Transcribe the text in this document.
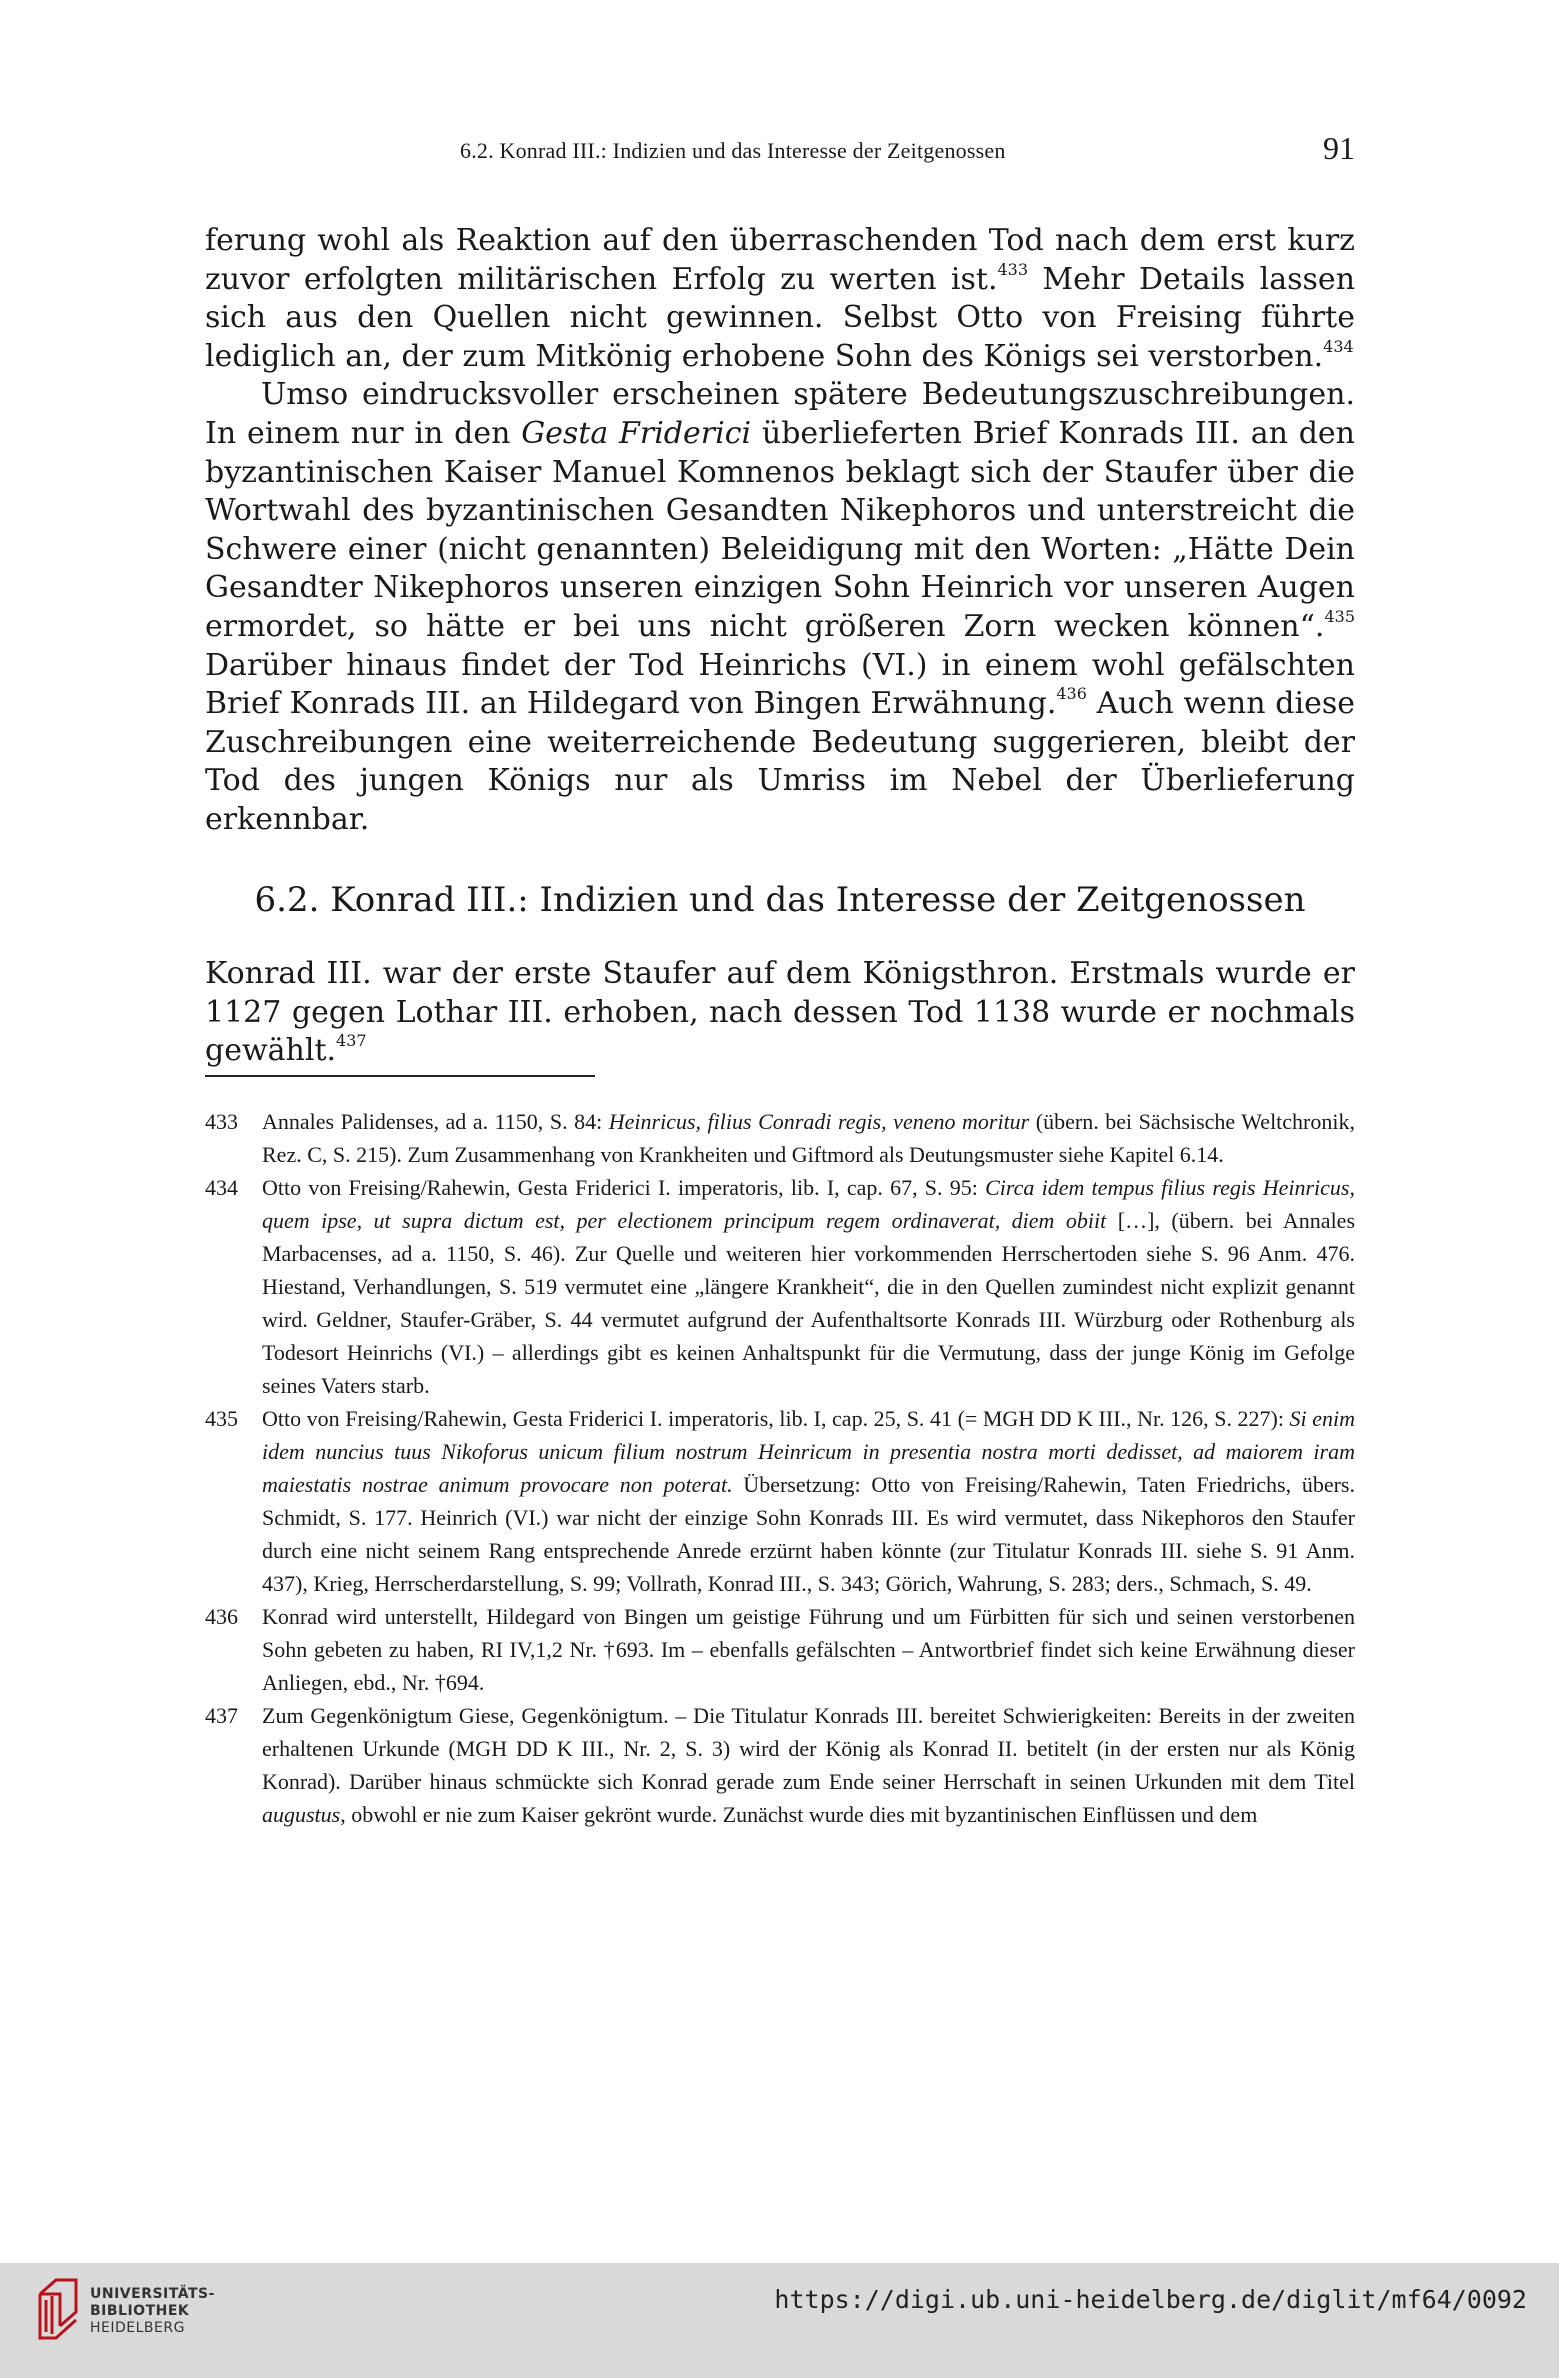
6.2. Konrad III.: Indizien und das Interesse der Zeitgenossen	91

ferung wohl als Reaktion auf den überraschenden Tod nach dem erst kurz zuvor erfolgten militärischen Erfolg zu werten ist.$^{433}$ Mehr Details lassen sich aus den Quellen nicht gewinnen. Selbst Otto von Freising führte lediglich an, der zum Mitkönig erhobene Sohn des Königs sei verstorben.$^{434}$

Umso eindrucksvoller erscheinen spätere Bedeutungszuschreibungen. In einem nur in den Gesta Friderici überlieferten Brief Konrads III. an den byzantinischen Kaiser Manuel Komnenos beklagt sich der Staufer über die Wortwahl des byzantinischen Gesandten Nikephoros und unterstreicht die Schwere einer (nicht genannten) Beleidigung mit den Worten: „Hätte Dein Gesandter Nikephoros unseren einzigen Sohn Heinrich vor unseren Augen ermordet, so hätte er bei uns nicht größeren Zorn wecken können“.$^{435}$ Darüber hinaus findet der Tod Heinrichs (VI.) in einem wohl gefälschten Brief Konrads III. an Hildegard von Bingen Erwähnung.$^{436}$ Auch wenn diese Zuschreibungen eine weiterreichende Bedeutung suggerieren, bleibt der Tod des jungen Königs nur als Umriss im Nebel der Überlieferung erkennbar.

6.2. Konrad III.: Indizien und das Interesse der Zeitgenossen

Konrad III. war der erste Staufer auf dem Königsthron. Erstmals wurde er 1127 gegen Lothar III. erhoben, nach dessen Tod 1138 wurde er nochmals gewählt.$^{437}$

433 Annales Palidenses, ad a. 1150, S. 84: Heinricus, filius Conradi regis, veneno moritur (übern. bei Sächsische Weltchronik, Rez. C, S. 215). Zum Zusammenhang von Krankheiten und Giftmord als Deutungsmuster siehe Kapitel 6.14.

434 Otto von Freising/Rahewin, Gesta Friderici I. imperatoris, lib. I, cap. 67, S. 95: Circa idem tempus filius regis Heinricus, quem ipse, ut supra dictum est, per electionem principum regem ordinaverat, diem obiit […], (übern. bei Annales Marbacenses, ad a. 1150, S. 46). Zur Quelle und weiteren hier vorkommenden Herrschertoden siehe S. 96 Anm. 476. Hiestand, Verhandlungen, S. 519 vermutet eine „längere Krankheit“, die in den Quellen zumindest nicht explizit genannt wird. Geldner, Staufer-Gräber, S. 44 vermutet aufgrund der Aufenthaltsorte Konrads III. Würzburg oder Rothenburg als Todesort Heinrichs (VI.) – allerdings gibt es keinen Anhaltspunkt für die Vermutung, dass der junge König im Gefolge seines Vaters starb.

435 Otto von Freising/Rahewin, Gesta Friderici I. imperatoris, lib. I, cap. 25, S. 41 (= MGH DD K III., Nr. 126, S. 227): Si enim idem nuncius tuus Nikoforus unicum filium nostrum Heinricum in presentia nostra morti dedisset, ad maiorem iram maiestatis nostrae animum provocare non poterat. Übersetzung: Otto von Freising/Rahewin, Taten Friedrichs, übers. Schmidt, S. 177. Heinrich (VI.) war nicht der einzige Sohn Konrads III. Es wird vermutet, dass Nikephoros den Staufer durch eine nicht seinem Rang entsprechende Anrede erzürnt haben könnte (zur Titulatur Konrads III. siehe S. 91 Anm. 437), Krieg, Herrscherdarstellung, S. 99; Vollrath, Konrad III., S. 343; Görich, Wahrung, S. 283; ders., Schmach, S. 49.

436 Konrad wird unterstellt, Hildegard von Bingen um geistige Führung und um Fürbitten für sich und seinen verstorbenen Sohn gebeten zu haben, RI IV,1,2 Nr. †693. Im – ebenfalls gefälschten – Antwortbrief findet sich keine Erwähnung dieser Anliegen, ebd., Nr. †694.

437 Zum Gegenkönigtum Giese, Gegenkönigtum. – Die Titulatur Konrads III. bereitet Schwierigkeiten: Bereits in der zweiten erhaltenen Urkunde (MGH DD K III., Nr. 2, S. 3) wird der König als Konrad II. betitelt (in der ersten nur als König Konrad). Darüber hinaus schmückte sich Konrad gerade zum Ende seiner Herrschaft in seinen Urkunden mit dem Titel augustus, obwohl er nie zum Kaiser gekrönt wurde. Zunächst wurde dies mit byzantinischen Einflüssen und dem

UNIVERSITÄTS-
BIBLIOTHEK
HEIDELBERG
https://digi.ub.uni-heidelberg.de/diglit/mf64/0092
